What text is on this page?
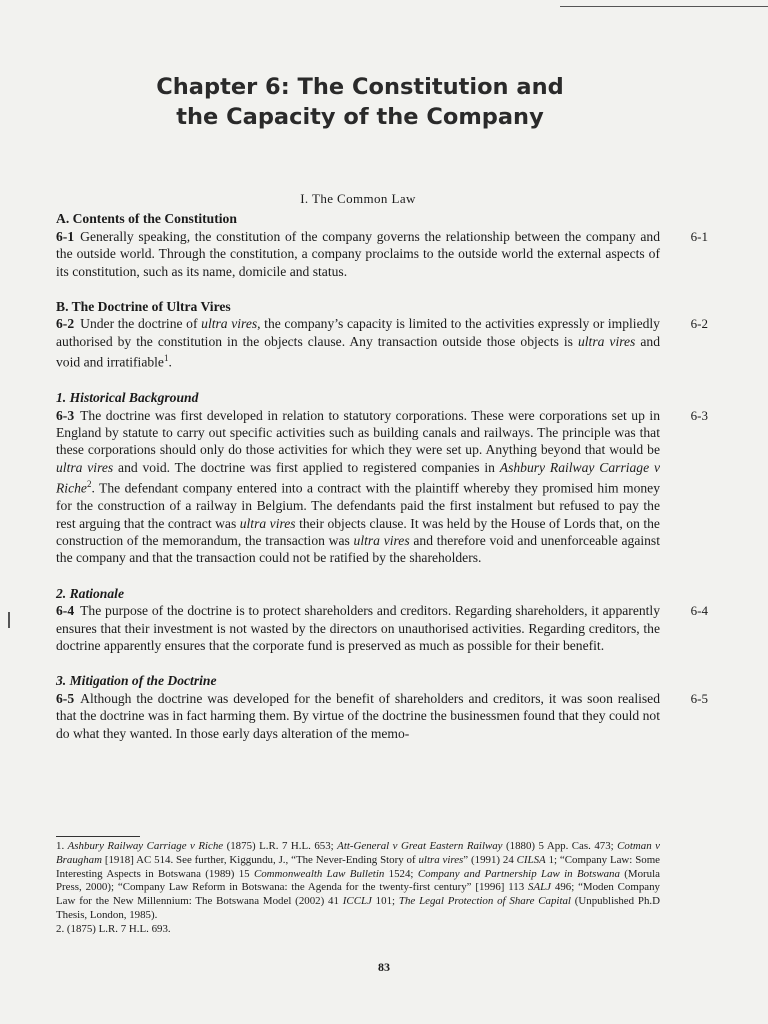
Chapter 6: The Constitution and
the Capacity of the Company

I. The Common Law

A. Contents of the Constitution

6-1 Generally speaking, the constitution of the company governs the relationship between the company and the outside world. Through the constitution, a company proclaims to the outside world the external aspects of its constitution, such as its name, domicile and status.
6-1

B. The Doctrine of Ultra Vires

6-2 Under the doctrine of ultra vires, the company’s capacity is limited to the activities expressly or impliedly authorised by the constitution in the objects clause. Any transaction outside those objects is ultra vires and void and irratifiable$^1$.
6-2

1. Historical Background

6-3 The doctrine was first developed in relation to statutory corporations. These were corporations set up in England by statute to carry out specific activities such as building canals and railways. The principle was that these corporations should only do those activities for which they were set up. Anything beyond that would be ultra vires and void. The doctrine was first applied to registered companies in Ashbury Railway Carriage v Riche$^2$. The defendant company entered into a contract with the plaintiff whereby they promised him money for the construction of a railway in Belgium. The defendants paid the first instalment but refused to pay the rest arguing that the contract was ultra vires their objects clause. It was held by the House of Lords that, on the construction of the memorandum, the transaction was ultra vires and therefore void and unenforceable against the company and that the transaction could not be ratified by the shareholders.
6-3

2. Rationale

6-4 The purpose of the doctrine is to protect shareholders and creditors. Regarding shareholders, it apparently ensures that their investment is not wasted by the directors on unauthorised activities. Regarding creditors, the doctrine apparently ensures that the corporate fund is preserved as much as possible for their benefit.
6-4

3. Mitigation of the Doctrine

6-5 Although the doctrine was developed for the benefit of shareholders and creditors, it was soon realised that the doctrine was in fact harming them. By virtue of the doctrine the businessmen found that they could not do what they wanted. In those early days alteration of the memo-
6-5

1. Ashbury Railway Carriage v Riche (1875) L.R. 7 H.L. 653; Att-General v Great Eastern Railway (1880) 5 App. Cas. 473; Cotman v Braugham [1918] AC 514. See further, Kiggundu, J., “The Never-Ending Story of ultra vires” (1991) 24 CILSA 1; “Company Law: Some Interesting Aspects in Botswana (1989) 15 Commonwealth Law Bulletin 1524; Company and Partnership Law in Botswana (Morula Press, 2000); “Company Law Reform in Botswana: the Agenda for the twenty-first century” [1996] 113 SALJ 496; “Moden Company Law for the New Millennium: The Botswana Model (2002) 41 ICCLJ 101; The Legal Protection of Share Capital (Unpublished Ph.D Thesis, London, 1985).

2. (1875) L.R. 7 H.L. 693.

83
